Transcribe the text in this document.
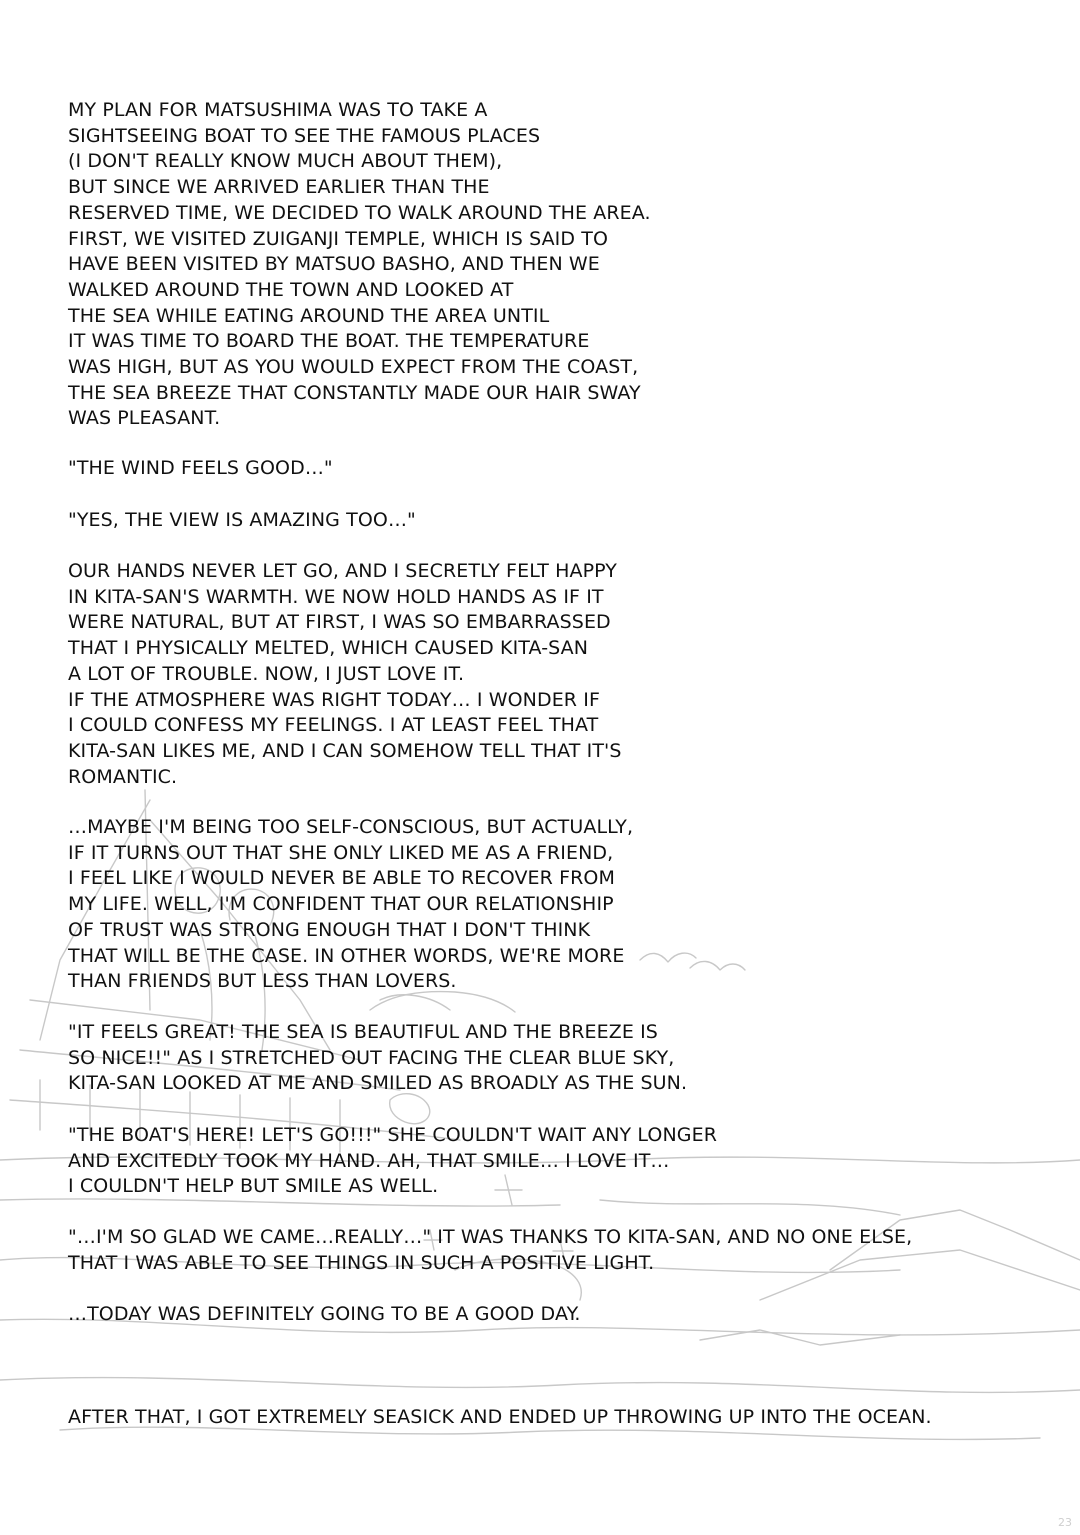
MY PLAN FOR MATSUSHIMA WAS TO TAKE A
SIGHTSEEING BOAT TO SEE THE FAMOUS PLACES
(I DON'T REALLY KNOW MUCH ABOUT THEM),
BUT SINCE WE ARRIVED EARLIER THAN THE
RESERVED TIME, WE DECIDED TO WALK AROUND THE AREA.
FIRST, WE VISITED ZUIGANJI TEMPLE, WHICH IS SAID TO
HAVE BEEN VISITED BY MATSUO BASHO, AND THEN WE
WALKED AROUND THE TOWN AND LOOKED AT
THE SEA WHILE EATING AROUND THE AREA UNTIL
IT WAS TIME TO BOARD THE BOAT. THE TEMPERATURE
WAS HIGH, BUT AS YOU WOULD EXPECT FROM THE COAST,
THE SEA BREEZE THAT CONSTANTLY MADE OUR HAIR SWAY
WAS PLEASANT.

"THE WIND FEELS GOOD…"

"YES, THE VIEW IS AMAZING TOO…"

OUR HANDS NEVER LET GO, AND I SECRETLY FELT HAPPY
IN KITA-SAN'S WARMTH. WE NOW HOLD HANDS AS IF IT
WERE NATURAL, BUT AT FIRST, I WAS SO EMBARRASSED
THAT I PHYSICALLY MELTED, WHICH CAUSED KITA-SAN
A LOT OF TROUBLE. NOW, I JUST LOVE IT.
IF THE ATMOSPHERE WAS RIGHT TODAY… I WONDER IF
I COULD CONFESS MY FEELINGS. I AT LEAST FEEL THAT
KITA-SAN LIKES ME, AND I CAN SOMEHOW TELL THAT IT'S
ROMANTIC.

…MAYBE I'M BEING TOO SELF-CONSCIOUS, BUT ACTUALLY,
IF IT TURNS OUT THAT SHE ONLY LIKED ME AS A FRIEND,
I FEEL LIKE I WOULD NEVER BE ABLE TO RECOVER FROM
MY LIFE. WELL, I'M CONFIDENT THAT OUR RELATIONSHIP
OF TRUST WAS STRONG ENOUGH THAT I DON'T THINK
THAT WILL BE THE CASE. IN OTHER WORDS, WE'RE MORE
THAN FRIENDS BUT LESS THAN LOVERS.

"IT FEELS GREAT! THE SEA IS BEAUTIFUL AND THE BREEZE IS
SO NICE!!" AS I STRETCHED OUT FACING THE CLEAR BLUE SKY,
KITA-SAN LOOKED AT ME AND SMILED AS BROADLY AS THE SUN.

"THE BOAT'S HERE! LET'S GO!!!" SHE COULDN'T WAIT ANY LONGER
AND EXCITEDLY TOOK MY HAND. AH, THAT SMILE… I LOVE IT…
I COULDN'T HELP BUT SMILE AS WELL.

"…I'M SO GLAD WE CAME…REALLY…" IT WAS THANKS TO KITA-SAN, AND NO ONE ELSE,
THAT I WAS ABLE TO SEE THINGS IN SUCH A POSITIVE LIGHT.

…TODAY WAS DEFINITELY GOING TO BE A GOOD DAY.

AFTER THAT, I GOT EXTREMELY SEASICK AND ENDED UP THROWING UP INTO THE OCEAN.

23
